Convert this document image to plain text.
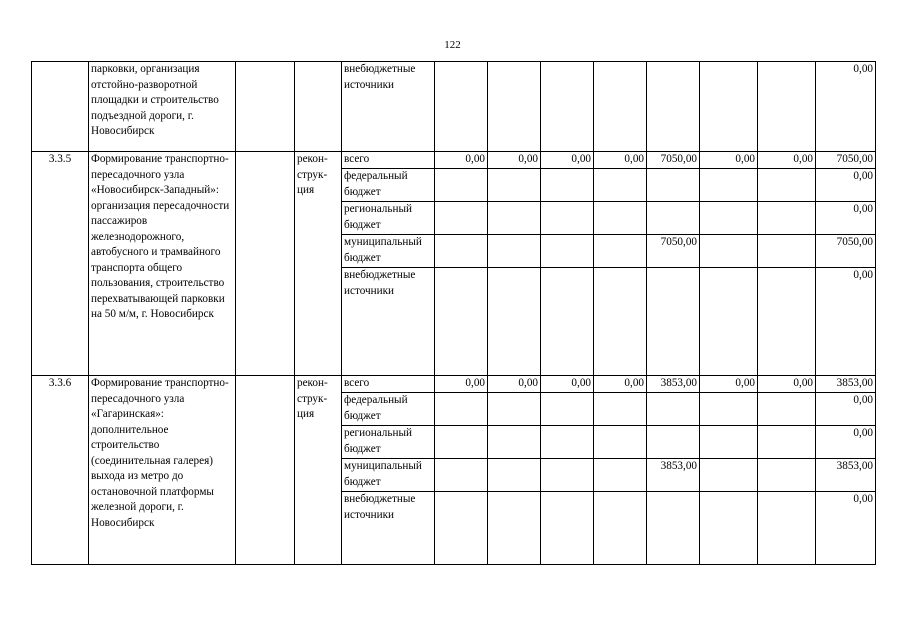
122
	парковки, организация отстойно-разворотной площадки и строительство подъездной дороги, г. Новосибирск			внебюджетные источники								0,00
3.3.5	Формирование транспортно-пересадочного узла «Новосибирск-Западный»: организация пересадочности пассажиров железнодорожного, автобусного и трамвайного транспорта общего пользования, строительство перехватывающей парковки на 50 м/м, г. Новосибирск		рекон-струк-ция	всего	0,00	0,00	0,00	0,00	7050,00	0,00	0,00	7050,00
				федеральный бюджет								0,00
				региональный бюджет								0,00
				муниципальный бюджет					7050,00			7050,00
				внебюджетные источники								0,00
3.3.6	Формирование транспортно-пересадочного узла «Гагаринская»: дополнительное строительство (соединительная галерея) выхода из метро до остановочной платформы железной дороги, г. Новосибирск		рекон-струк-ция	всего	0,00	0,00	0,00	0,00	3853,00	0,00	0,00	3853,00
				федеральный бюджет								0,00
				региональный бюджет								0,00
				муниципальный бюджет					3853,00			3853,00
				внебюджетные источники								0,00
